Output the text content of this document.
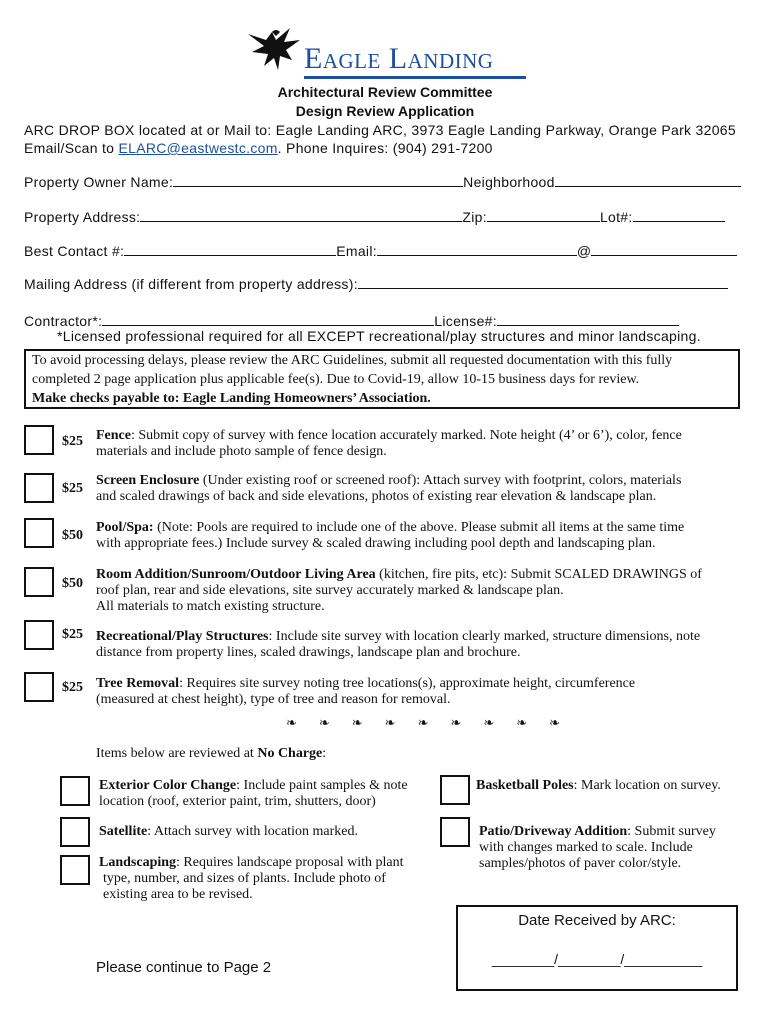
Eagle Landing
Architectural Review Committee
Design Review Application
ARC DROP BOX located at or Mail to: Eagle Landing ARC, 3973 Eagle Landing Parkway, Orange Park 32065
Email/Scan to ELARC@eastwestc.com. Phone Inquires: (904) 291-7200
Property Owner Name:	Neighborhood
Property Address:	Zip:	Lot#:
Best Contact #:	Email:	@
Mailing Address (if different from property address):
Contractor*:	License#:
*Licensed professional required for all EXCEPT recreational/play structures and minor landscaping.
To avoid processing delays, please review the ARC Guidelines, submit all requested documentation with this fully
completed 2 page application plus applicable fee(s). Due to Covid-19, allow 10-15 business days for review.
Make checks payable to: Eagle Landing Homeowners’ Association.
$25 Fence: Submit copy of survey with fence location accurately marked. Note height (4’ or 6’), color, fence
materials and include photo sample of fence design.
$25
Screen Enclosure (Under existing roof or screened roof): Attach survey with footprint, colors, materials
and scaled drawings of back and side elevations, photos of existing rear elevation & landscape plan.
$50
Pool/Spa: (Note: Pools are required to include one of the above. Please submit all items at the same time
with appropriate fees.) Include survey & scaled drawing including pool depth and landscaping plan.
$50
Room Addition/Sunroom/Outdoor Living Area (kitchen, fire pits, etc): Submit SCALED DRAWINGS of
roof plan, rear and side elevations, site survey accurately marked & landscape plan.
All materials to match existing structure.
$25 Recreational/Play Structures: Include site survey with location clearly marked, structure dimensions, note
distance from property lines, scaled drawings, landscape plan and brochure.
$25 Tree Removal: Requires site survey noting tree locations(s), approximate height, circumference
(measured at chest height), type of tree and reason for removal.
❧❧❧❧❧❧❧❧❧
Items below are reviewed at No Charge:
Exterior Color Change: Include paint samples & note
location (roof, exterior paint, trim, shutters, door)
Satellite: Attach survey with location marked.
Landscaping: Requires landscape proposal with plant
type, number, and sizes of plants. Include photo of
existing area to be revised.
Basketball Poles: Mark location on survey.
Patio/Driveway Addition: Submit survey
with changes marked to scale. Include
samples/photos of paver color/style.
Please continue to Page 2
Date Received by ARC:
________/________/__________
